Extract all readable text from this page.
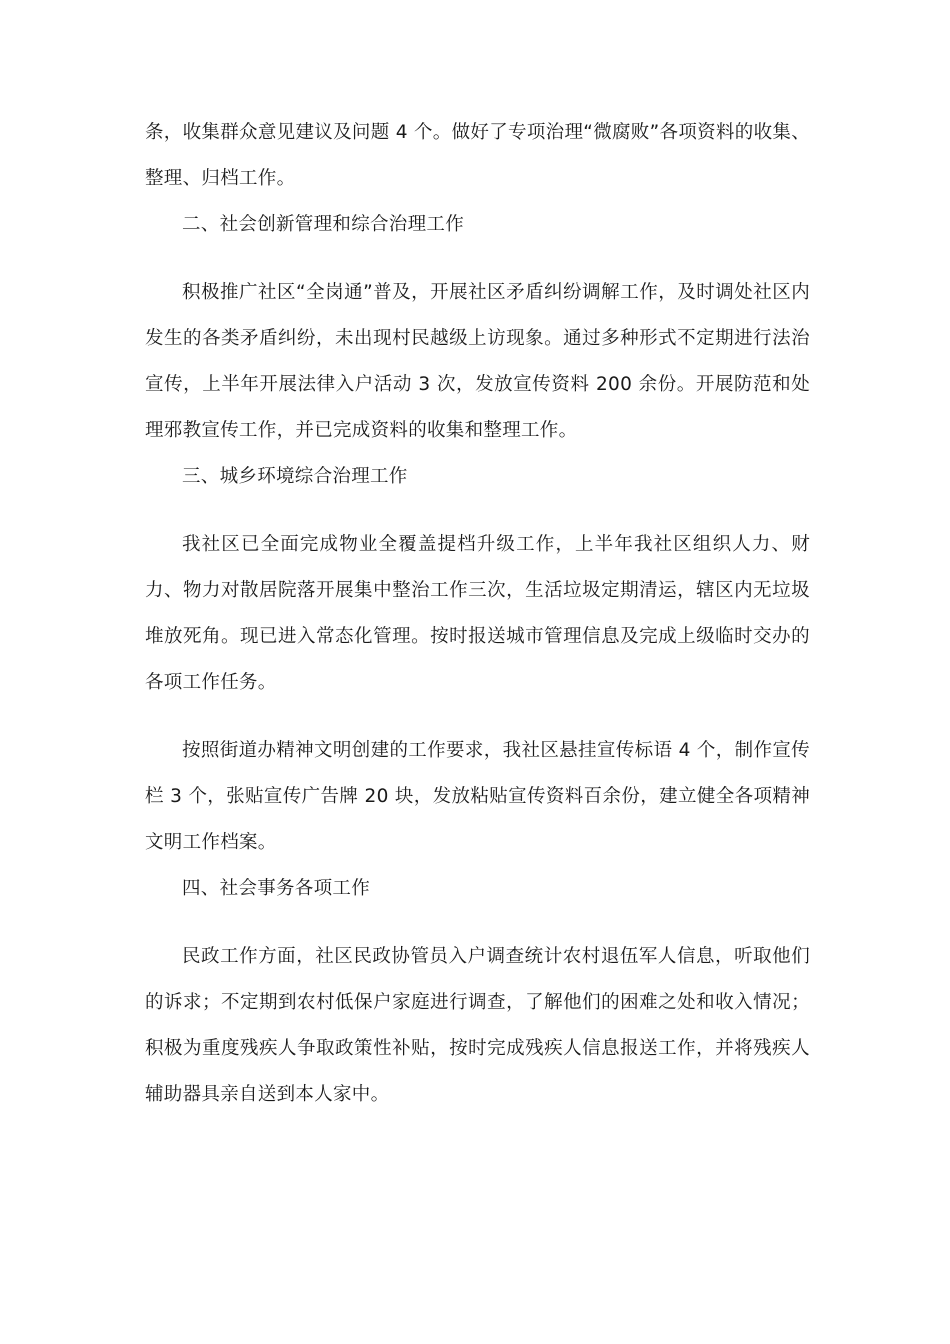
条，收集群众意见建议及问题 4 个。做好了专项治理“微腐败”各项资料的收集、整理、归档工作。

二、社会创新管理和综合治理工作

积极推广社区“全岗通”普及，开展社区矛盾纠纷调解工作，及时调处社区内发生的各类矛盾纠纷，未出现村民越级上访现象。通过多种形式不定期进行法治宣传，上半年开展法律入户活动 3 次，发放宣传资料 200 余份。开展防范和处理邪教宣传工作，并已完成资料的收集和整理工作。

三、城乡环境综合治理工作

我社区已全面完成物业全覆盖提档升级工作，上半年我社区组织人力、财力、物力对散居院落开展集中整治工作三次，生活垃圾定期清运，辖区内无垃圾堆放死角。现已进入常态化管理。按时报送城市管理信息及完成上级临时交办的各项工作任务。

按照街道办精神文明创建的工作要求，我社区悬挂宣传标语 4 个，制作宣传栏 3 个，张贴宣传广告牌 20 块，发放粘贴宣传资料百余份，建立健全各项精神文明工作档案。

四、社会事务各项工作

民政工作方面，社区民政协管员入户调查统计农村退伍军人信息，听取他们的诉求；不定期到农村低保户家庭进行调查，了解他们的困难之处和收入情况；积极为重度残疾人争取政策性补贴，按时完成残疾人信息报送工作，并将残疾人辅助器具亲自送到本人家中。
